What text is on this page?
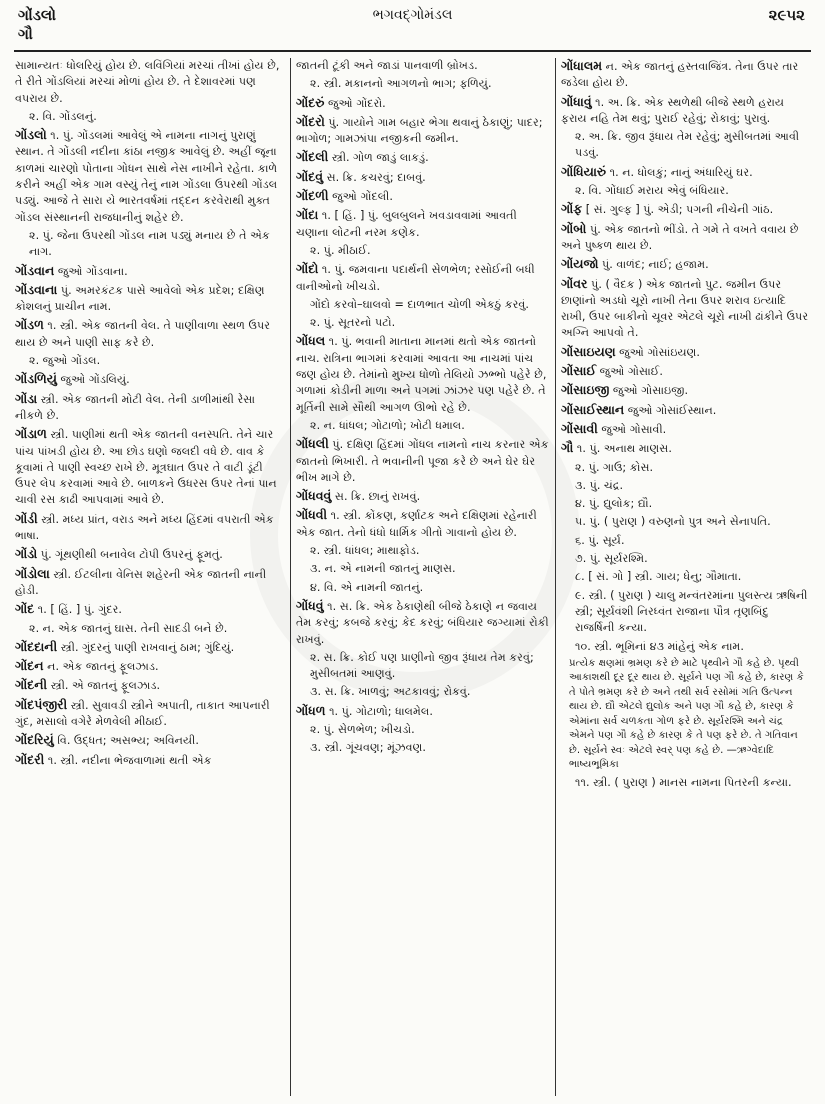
ગોંડલો
ગૌ
ભગવદ્ગોમંડલ	૨૯૫૨
સામાન્યતઃ ધોલરિયું હોય છે. લવિંગિયાં મરચાં તીખાં હોય છે, તે રીતે ગોંડલિયાં મરચાં મોળાં હોય છે. તે દેશાવરમાં પણ વપરાય છે.
૨. વિ. ગોંડલનું.
ગોંડલો ૧. પું. ગોંડલમાં આવેલું એ નામના નાગનું પુરાણું સ્થાન. તે ગોંડલી નદીના કાંઠા નજીક આવેલું છે. અહીં જૂના કાળમાં ચારણો પોતાના ગોધન સાથે નેસ નાખીને રહેતા. કાળે કરીને અહીં એક ગામ વસ્યું તેનું નામ ગોંડલા ઉપરથી ગોંડલ પડ્યું. આજે તે સારા યે ભારતવર્ષમાં તદ્દન કરવેરાથી મુક્ત ગોંડલ સંસ્થાનની રાજધાનીનું શહેર છે.
૨. પું. જેના ઉપરથી ગોંડલ નામ પડ્યું મનાય છે તે એક નાગ.
ગોંડવાન જુઓ ગોંડવાના.
ગોંડવાના પું. અમરકંટક પાસે આવેલો એક પ્રદેશ; દક્ષિણ કોશલનું પ્રાચીન નામ.
ગોંડળ ૧. સ્ત્રી. એક જાતની વેલ. તે પાણીવાળા સ્થળ ઉપર થાય છે અને પાણી સાફ કરે છે.
૨. જુઓ ગોંડલ.
ગોંડળિયું જુઓ ગોંડલિયું.
ગોંડા સ્ત્રી. એક જાતની મોટી વેલ. તેની ડાળીમાંથી રેસા નીકળે છે.
ગોંડાળ સ્ત્રી. પાણીમાં થતી એક જાતની વનસ્પતિ. તેને ચાર પાંચ પાંખડી હોય છે. આ છોડ ઘણો જલદી વધે છે. વાવ કે કૂવામાં તે પાણી સ્વચ્છ રાખે છે. મૂત્રઘાત ઉપર તે વાટી ડૂંટી ઉપર લેપ કરવામાં આવે છે. બાળકને ઉધરસ ઉપર તેનાં પાન ચાવી રસ કાઢી આપવામાં આવે છે.
ગોંડી સ્ત્રી. મધ્ય પ્રાંત, વરાડ અને મધ્ય હિંદમાં વપરાતી એક ભાષા.
ગોંડો પું. ગૂંથણીથી બનાવેલ ટોપી ઉપરનું ફૂમતું.
ગોંડોલા સ્ત્રી. ઈટલીના વેનિસ શહેરની એક જાતની નાની હોડી.
ગોંદ ૧. [ હિં. ] પું. ગુંદર.
૨. ન. એક જાતનું ઘાસ. તેની સાદડી બને છે.
ગોંદદાની સ્ત્રી. ગુંદરનું પાણી રાખવાનું ઠામ; ગુંદિયું.
ગોંદન ન. એક જાતનું ફૂલઝાડ.
ગોંદની સ્ત્રી. એ જાતનું ફૂલઝાડ.
ગોંદપંજીરી સ્ત્રી. સુવાવડી સ્ત્રીને અપાતી, તાકાત આપનારી ગુંદ, મસાલો વગેરે મેળવેલી મીઠાઈ.
ગોંદરિયું વિ. ઉદ્ધત; અસભ્ય; અવિનયી.
ગોંદરી ૧. સ્ત્રી. નદીના ભેજવાળામાં થતી એક
જાતની ટૂંકી અને જાડાં પાનવાળી બ્રોખડ.
૨. સ્ત્રી. મકાનનો આગળનો ભાગ; ફળિયું.
ગોંદરું જુઓ ગોંદરો.
ગોંદરો પું. ગાયોને ગામ બહાર ભેગા થવાનું ઠેકાણું; પાદર; ભાગોળ; ગામઝાંપા નજીકની જમીન.
ગોંદલી સ્ત્રી. ગોળ જાડું લાકડું.
ગોંદવું સ. ક્રિ. કચરવું; દાબવું.
ગોંદળી જુઓ ગોંદલી.
ગોંદા ૧. [ હિં. ] પું. બુલબુલને ખવડાવવામાં આવતી ચણાના લોટની નરમ કણેક.
૨. પું. મીઠાઈ.
ગોંદો ૧. પું. જમવાના પદાર્થની સેળભેળ; રસોઈની બધી વાનીઓનો ખીચડો.
ગોંદો કરવો–ઘાલવો = દાળભાત ચોળી એકઠું કરવું.
૨. પું. સૂતરનો પટો.
ગોંધલ ૧. પું. ભવાની માતાના માનમાં થતો એક જાતનો નાચ. રાત્રિના ભાગમાં કરવામાં આવતા આ નાચમાં પાંચ જણ હોય છે. તેમાંનો મુખ્ય ધોળો તેલિયો ઝભ્ભો પહેરે છે, ગળામાં કોડીની માળા અને પગમાં ઝાંઝર પણ પહેરે છે. તે મૂર્તિની સામે સૌથી આગળ ઊભો રહે છે.
૨. ન. ધાંધલ; ગોટાળો; ખોટી ધમાલ.
ગોંધલી પું. દક્ષિણ હિંદમાં ગોંધલ નામનો નાચ કરનાર એક જાતનો ભિખારી. તે ભવાનીની પૂજા કરે છે અને ઘેર ઘેર ભીખ માગે છે.
ગોંધવવું સ. ક્રિ. છાનું રાખવું.
ગોંધવી ૧. સ્ત્રી. કોંકણ, કર્ણાટક અને દક્ષિણમાં રહેનારી એક જાત. તેનો ધંધો ધાર્મિક ગીતો ગાવાનો હોય છે.
૨. સ્ત્રી. ધાંધલ; માથાફોડ.
૩. ન. એ નામની જાતનું માણસ.
૪. વિ. એ નામની જાતનું.
ગોંધવું ૧. સ. ક્રિ. એક ઠેકાણેથી બીજે ઠેકાણે ન જવાય તેમ કરવું; કબજે કરવું; કેદ કરવું; બંધિયાર જગ્યામાં રોકી રાખવું.
૨. સ. ક્રિ. કોઈ પણ પ્રાણીનો જીવ રૂંધાય તેમ કરવું; મુસીબતમાં આણવું.
૩. સ. ક્રિ. ખાળવું; અટકાવવું; રોકવું.
ગોંધળ ૧. પું. ગોટાળો; ધાલમેલ.
૨. પું. સેળભેળ; ખીચડો.
૩. સ્ત્રી. ગૂંચવણ; મૂંઝવણ.
ગોંધાલમ ન. એક જાતનું હસ્તવાજિંત્ર. તેના ઉપર તાર જડેલા હોય છે.
ગોંધાવું ૧. અ. ક્રિ. એક સ્થળેથી બીજે સ્થળે હરાય ફરાય નહિ તેમ થવું; પુરાઈ રહેવું; રોકાવું; પુરાવું.
૨. અ. ક્રિ. જીવ રૂંધાય તેમ રહેવું; મુસીબતમાં આવી પડવું.
ગોંધિયારું ૧. ન. ધોલકું; નાનું અંધારિયું ઘર.
૨. વિ. ગોંધાઈ મરાય એવું બંધિયાર.
ગોંફ [ સં. ગુલ્ફ ] પું. એડી; પગની નીચેની ગાંઠ.
ગોંબો પું. એક જાતનો ભીંડો. તે ગમે તે વખતે વવાય છે અને પુષ્કળ થાય છે.
ગોંયજો પું. વાળંદ; નાઈ; હજામ.
ગોંવર પું. ( વૈદક ) એક જાતનો પુટ. જમીન ઉપર છાણાંનો અડધો ચૂરો નાખી તેના ઉપર શરાવ ઇત્યાદિ રાખી, ઉપર બાકીનો ચૂવર એટલે ચૂરો નાખી ઢાંકીને ઉપર અગ્નિ આપવો તે.
ગોંસાઇયણ જુઓ ગોસાંઇયણ.
ગોંસાઈ જુઓ ગોસાઈ.
ગોંસાઇજી જુઓ ગોસાઇજી.
ગોંસાઈસ્થાન જુઓ ગોસાંઈસ્થાન.
ગોંસાવી જુઓ ગોસાવી.
ગૌ ૧. પું. અનાથ માણસ.
૨. પું. ગાઉ; કોસ.
૩. પું. ચંદ્ર.
૪. પું. દ્યુલોક; દ્યૌ.
૫. પું. ( પુરાણ ) વરુણનો પુત્ર અને સેનાપતિ.
૬. પું. સૂર્ય.
૭. પું. સૂર્યરશ્મિ.
૮. [ સં. ગો ] સ્ત્રી. ગાય; ધેનુ; ગૌમાતા.
૯. સ્ત્રી. ( પુરાણ ) ચાલુ મન્વંતરમાંના પુલસ્ત્ય ઋષિની સ્ત્રી; સૂર્યવંશી નિરધ્વંત રાજાના પૌત્ર તૃણબિંદુ રાજર્ષિની કન્યા.
૧૦. સ્ત્રી. ભૂમિનાં ૪૩ માંહેનું એક નામ.
પ્રત્યેક ક્ષણમાં ભ્રમણ કરે છે માટે પૃથ્વીને ગૌ કહે છે. પૃથ્વી આકાશથી દૂર દૂર થાય છે. સૂર્યને પણ ગૌ કહે છે, કારણ કે તે પોતે ભ્રમણ કરે છે અને તથી સર્વ રસોમાં ગતિ ઉત્પન્ન થાય છે. દ્યૌ એટલે દ્યુલોક અને પણ ગૌ કહે છે, કારણ કે એમાંના સર્વ ચળકતા ગોળ ફરે છે. સૂર્યરશ્મિ અને ચંદ્ર એમને પણ ગૌ કહે છે કારણ કે તે પણ ફરે છે. તે ગતિવાન છે. સૂર્યને સ્વઃ એટલે સ્વર્ પણ કહે છે. —ઋગ્વેદાદિ ભાષ્યભૂમિકા
૧૧. સ્ત્રી. ( પુરાણ ) માનસ નામના પિતરની કન્યા.
